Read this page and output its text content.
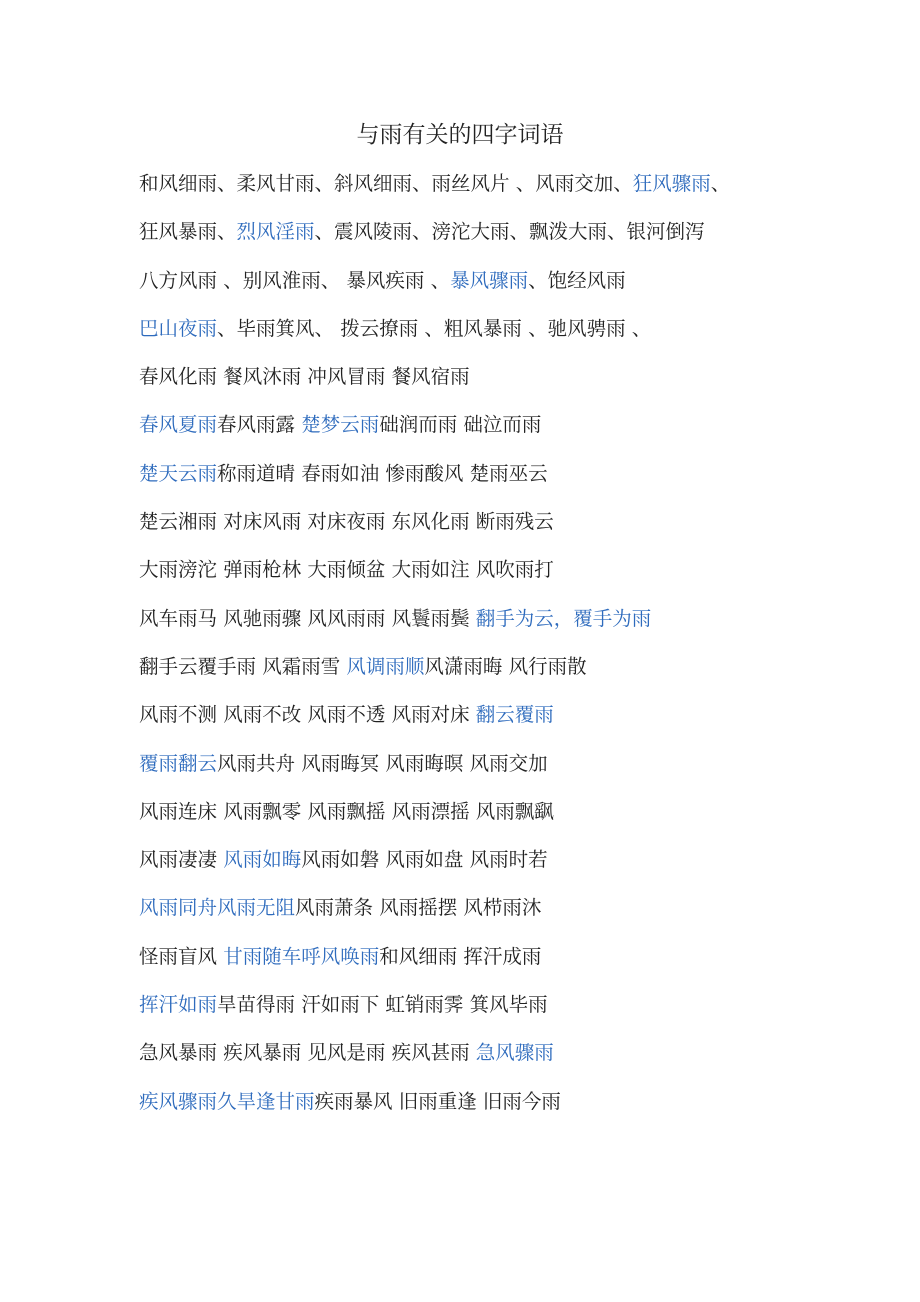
与雨有关的四字词语
和风细雨、柔风甘雨、斜风细雨、雨丝风片 、风雨交加、狂风骤雨、
狂风暴雨、烈风淫雨、震风陵雨、滂沱大雨、飘泼大雨、银河倒泻
八方风雨 、别风淮雨、 暴风疾雨 、暴风骤雨、饱经风雨
巴山夜雨、毕雨箕风、 拨云撩雨 、粗风暴雨 、驰风骋雨 、
春风化雨 餐风沐雨 冲风冒雨 餐风宿雨
春风夏雨春风雨露 楚梦云雨础润而雨 础泣而雨
楚天云雨称雨道晴 春雨如油 惨雨酸风 楚雨巫云
楚云湘雨 对床风雨 对床夜雨 东风化雨 断雨残云
大雨滂沱 弹雨枪林 大雨倾盆 大雨如注 风吹雨打
风车雨马 风驰雨骤 风风雨雨 风鬟雨鬓 翻手为云，覆手为雨
翻手云覆手雨 风霜雨雪 风调雨顺风潇雨晦 风行雨散
风雨不测 风雨不改 风雨不透 风雨对床 翻云覆雨
覆雨翻云风雨共舟 风雨晦冥 风雨晦暝 风雨交加
风雨连床 风雨飘零 风雨飘摇 风雨漂摇 风雨飘飖
风雨凄凄 风雨如晦风雨如磐 风雨如盘 风雨时若
风雨同舟风雨无阻风雨萧条 风雨摇摆 风栉雨沐
怪雨盲风 甘雨随车呼风唤雨和风细雨 挥汗成雨
挥汗如雨旱苗得雨 汗如雨下 虹销雨霁 箕风毕雨
急风暴雨 疾风暴雨 见风是雨 疾风甚雨 急风骤雨
疾风骤雨久旱逢甘雨疾雨暴风 旧雨重逢 旧雨今雨
